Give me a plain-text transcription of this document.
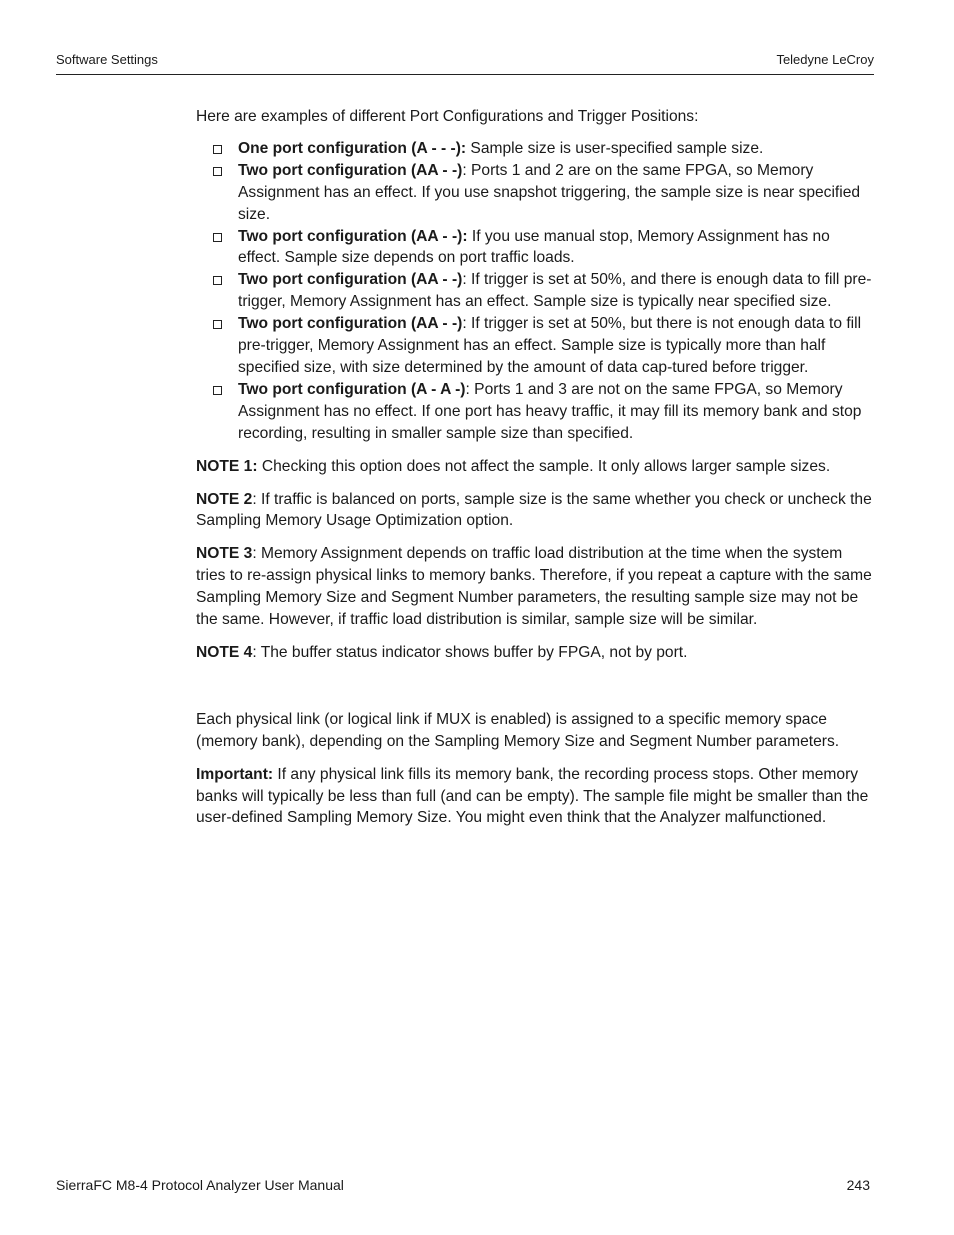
Software Settings	Teledyne LeCroy

Here are examples of different Port Configurations and Trigger Positions:

One port configuration (A - - -): Sample size is user-specified sample size.
Two port configuration (AA - -): Ports 1 and 2 are on the same FPGA, so Memory Assignment has an effect. If you use snapshot triggering, the sample size is near specified size.
Two port configuration (AA - -): If you use manual stop, Memory Assignment has no effect. Sample size depends on port traffic loads.
Two port configuration (AA - -): If trigger is set at 50%, and there is enough data to fill pre-trigger, Memory Assignment has an effect. Sample size is typically near specified size.
Two port configuration (AA - -): If trigger is set at 50%, but there is not enough data to fill pre-trigger, Memory Assignment has an effect. Sample size is typically more than half specified size, with size determined by the amount of data cap-tured before trigger.
Two port configuration (A - A -): Ports 1 and 3 are not on the same FPGA, so Memory Assignment has no effect. If one port has heavy traffic, it may fill its memory bank and stop recording, resulting in smaller sample size than specified.

NOTE 1: Checking this option does not affect the sample. It only allows larger sample sizes.

NOTE 2: If traffic is balanced on ports, sample size is the same whether you check or uncheck the Sampling Memory Usage Optimization option.

NOTE 3: Memory Assignment depends on traffic load distribution at the time when the system tries to re-assign physical links to memory banks. Therefore, if you repeat a capture with the same Sampling Memory Size and Segment Number parameters, the resulting sample size may not be the same. However, if traffic load distribution is similar, sample size will be similar.

NOTE 4: The buffer status indicator shows buffer by FPGA, not by port.

Each physical link (or logical link if MUX is enabled) is assigned to a specific memory space (memory bank), depending on the Sampling Memory Size and Segment Number parameters.

Important: If any physical link fills its memory bank, the recording process stops. Other memory banks will typically be less than full (and can be empty). The sample file might be smaller than the user-defined Sampling Memory Size. You might even think that the Analyzer malfunctioned.

SierraFC M8-4 Protocol Analyzer User Manual	243
